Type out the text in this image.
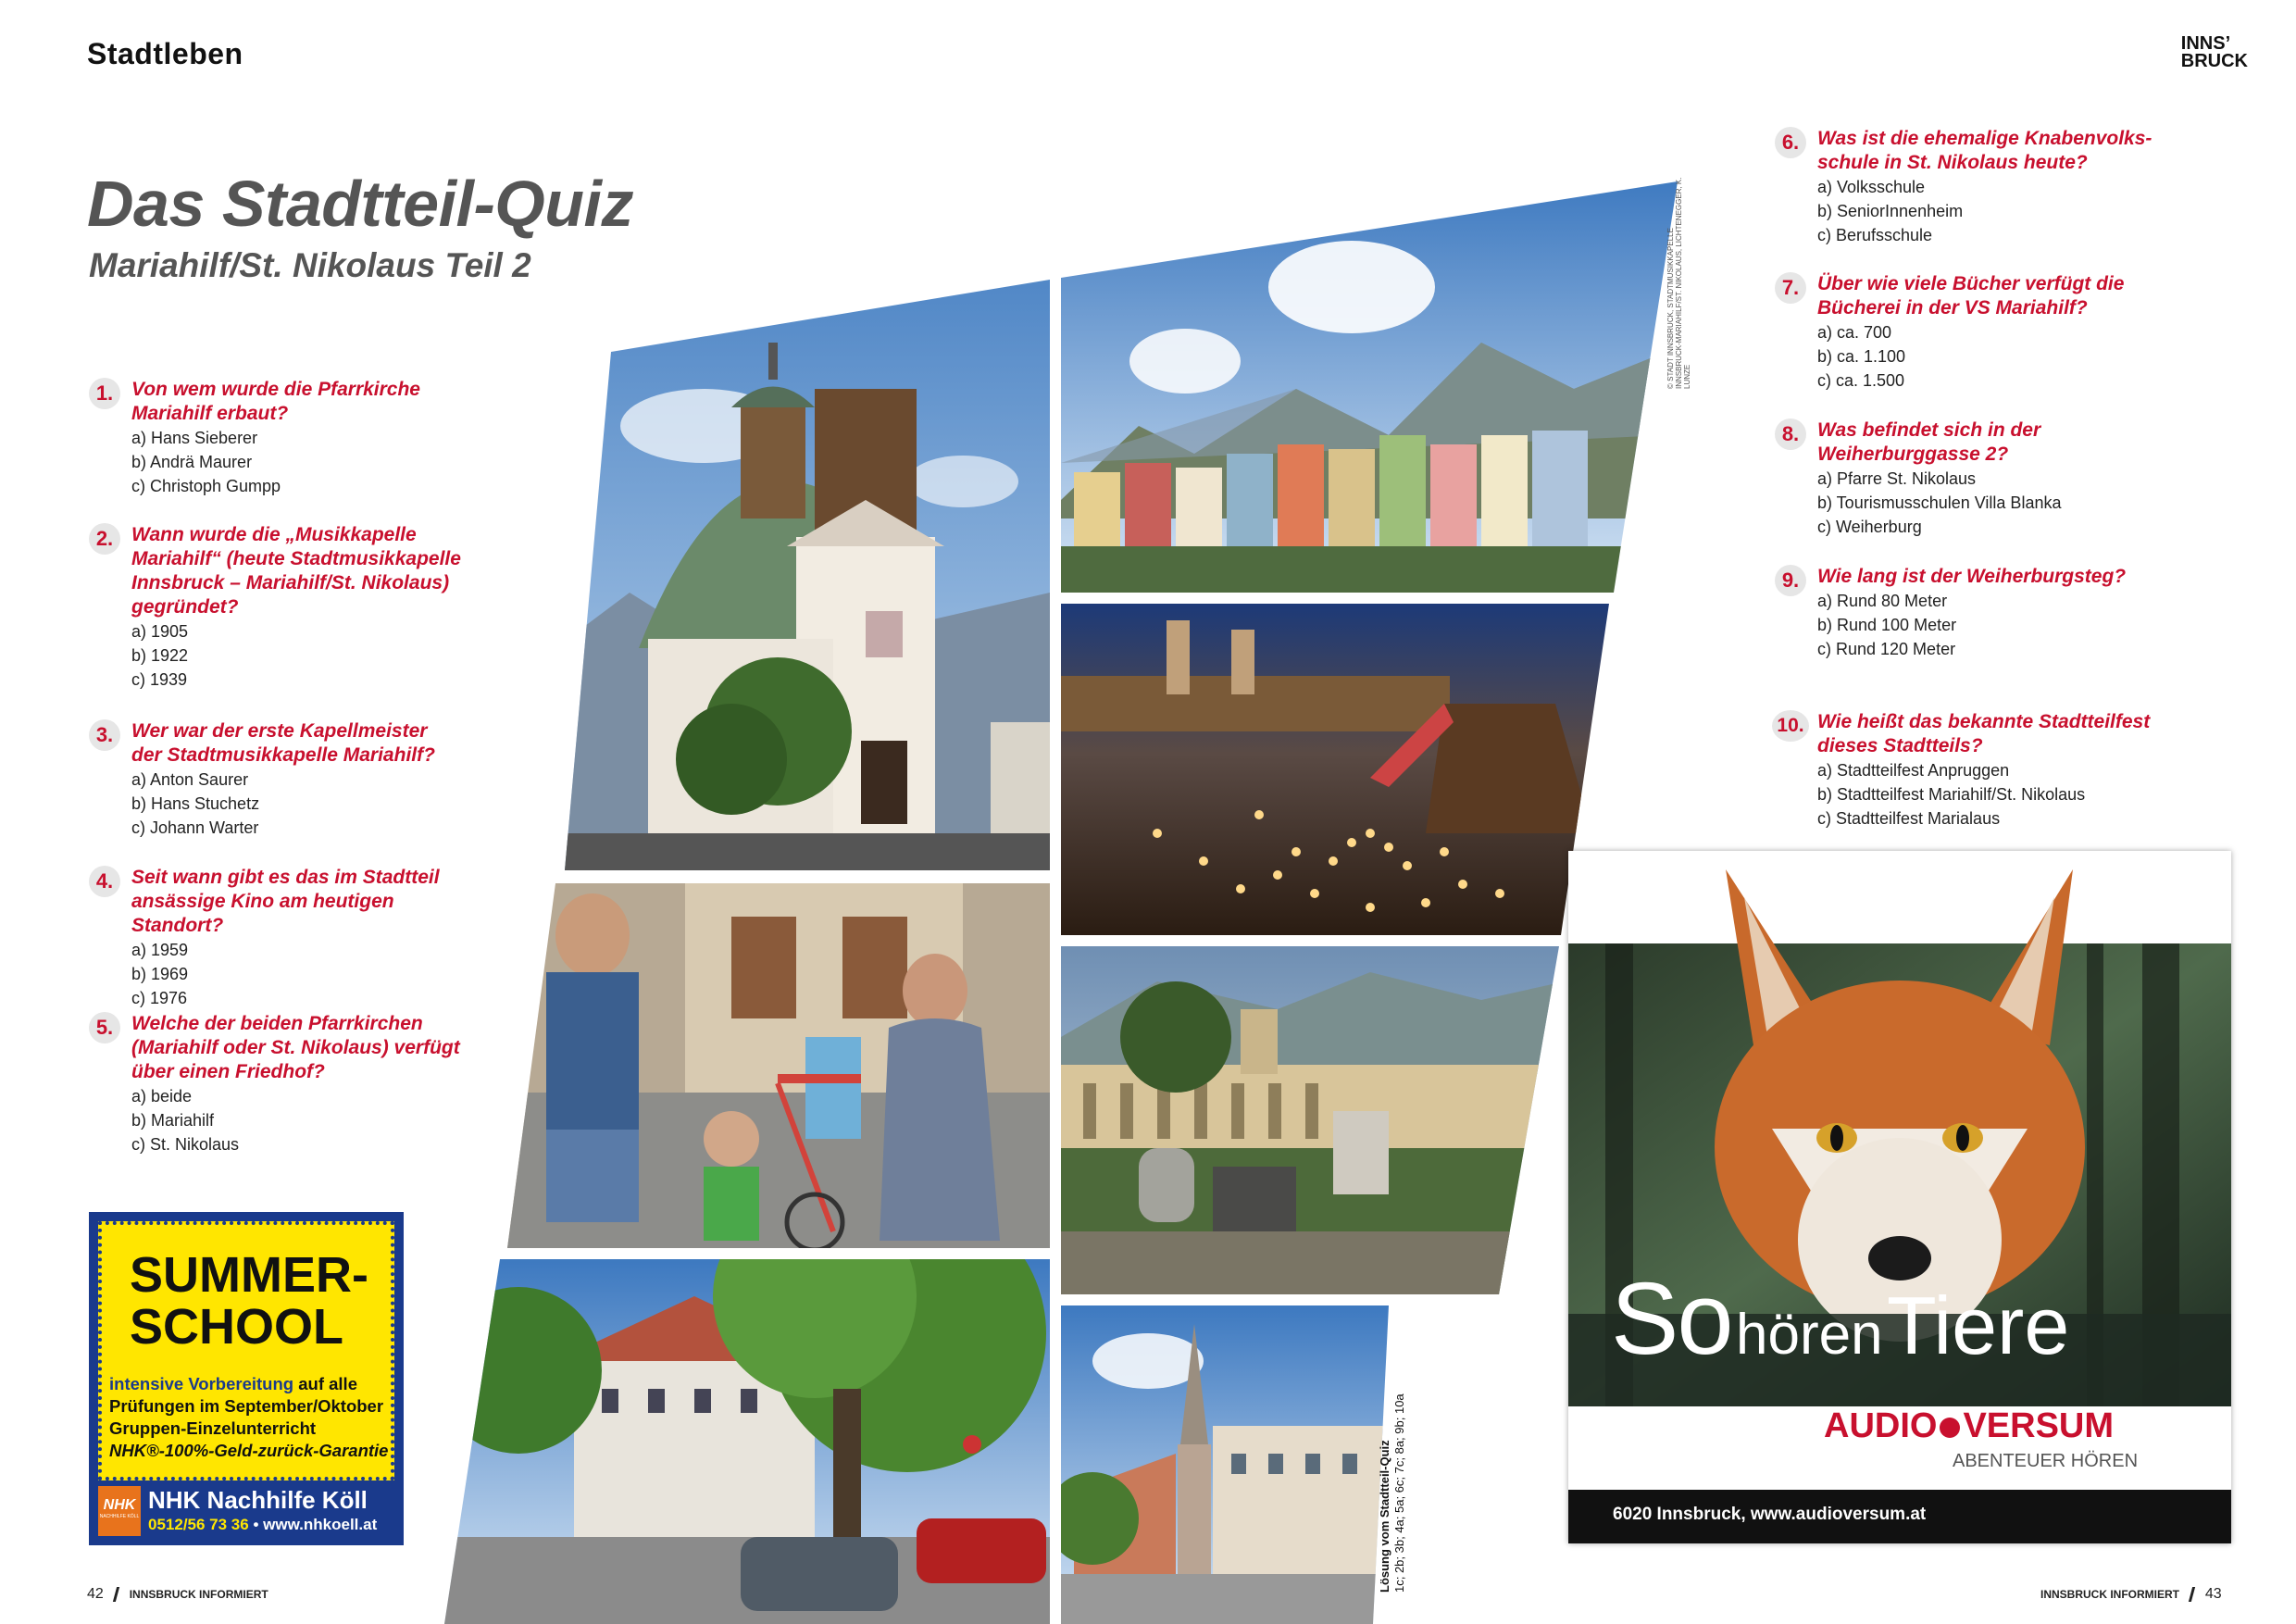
Stadtleben	INNS’
BRUCK
Das Stadtteil-Quiz
Mariahilf/St. Nikolaus Teil 2	© STADT INNSBRUCK, STADTMUSIKKAPELLE INNSBRUCK-MARIAHILF/ST. NIKOLAUS, LICHTENEGGER, K. LUNZE
Lösung vom Stadtteil-Quiz 1c; 2b; 3b; 4a; 5a; 6c; 7c; 8a; 9b; 10a
SUMMER-
SCHOOL
intensive Vorbereitung auf alle
Prüfungen im September/Oktober
Gruppen-Einzelunterricht
NHK®-100%-Geld-zurück-Garantie
NHK
NACHHILFE KÖLL
NHK Nachhilfe Köll
0512/56 73 36 • www.nhkoell.at
So hören Tiere
AUDIO VERSUM
ABENTEUER HÖREN
6020 Innsbruck, www.audioversum.at
42 INNSBRUCK INFORMIERT	INNSBRUCK INFORMIERT 43
1. Von wem wurde die Pfarrkirche
Mariahilf erbaut?
a) Hans Sieberer
b) Andrä Maurer
c) Christoph Gumpp
2. Wann wurde die „Musikkapelle
Mariahilf“ (heute Stadtmusikkapelle
Innsbruck – Mariahilf/St. Nikolaus)
gegründet?
a) 1905
b) 1922
c) 1939
3. Wer war der erste Kapellmeister
der Stadtmusikkapelle Mariahilf?
a) Anton Saurer
b) Hans Stuchetz
c) Johann Warter
4. Seit wann gibt es das im Stadtteil
ansässige Kino am heutigen Standort?
a) 1959
b) 1969
c) 1976
5. Welche der beiden Pfarrkirchen
(Mariahilf oder St. Nikolaus) verfügt
über einen Friedhof?
a) beide
b) Mariahilf
c) St. Nikolaus
6. Was ist die ehemalige Knabenvolks-
schule in St. Nikolaus heute?
a) Volksschule
b) SeniorInnenheim
c) Berufsschule
7. Über wie viele Bücher verfügt die
Bücherei in der VS Mariahilf?
a) ca. 700
b) ca. 1.100
c) ca. 1.500
8. Was befindet sich in der
Weiherburggasse 2?
a) Pfarre St. Nikolaus
b) Tourismusschulen Villa Blanka
c) Weiherburg
9. Wie lang ist der Weiherburgsteg?
a) Rund 80 Meter
b) Rund 100 Meter
c) Rund 120 Meter
10. Wie heißt das bekannte Stadtteilfest
dieses Stadtteils?
a) Stadtteilfest Anpruggen
b) Stadtteilfest Mariahilf/St. Nikolaus
c) Stadtteilfest Marialaus
